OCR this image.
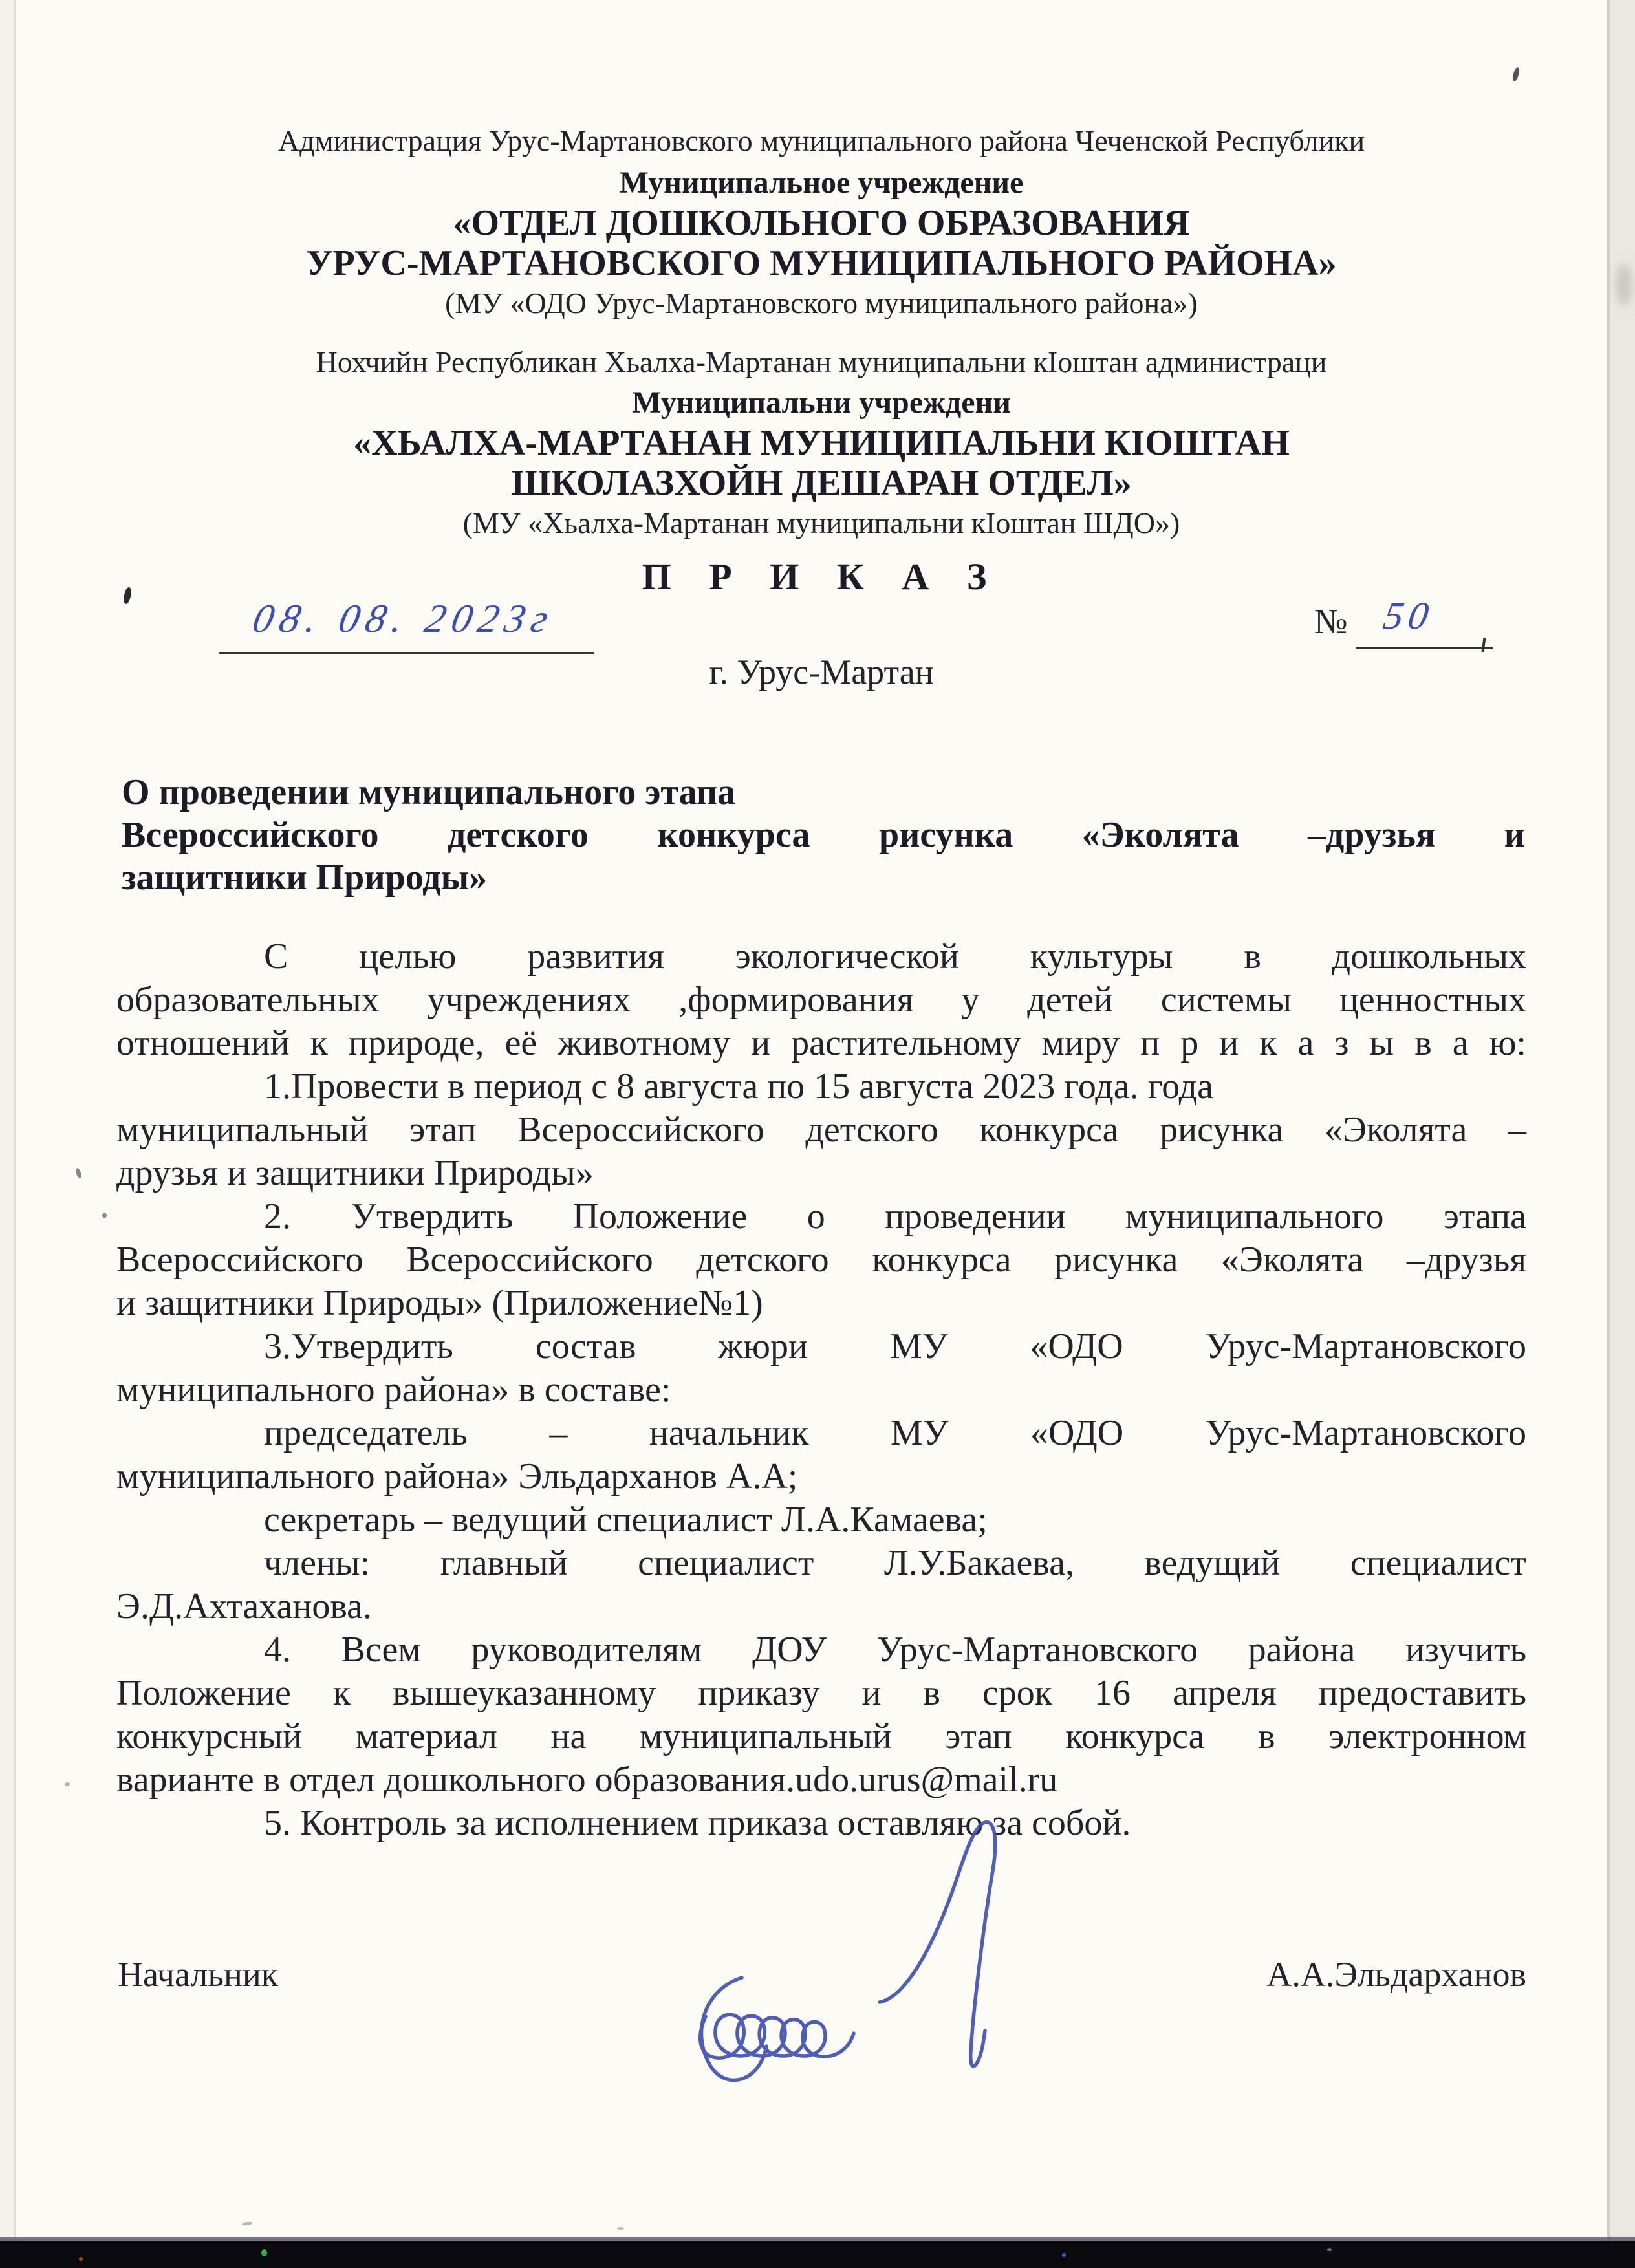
Администрация Урус-Мартановского муниципального района Чеченской Республики
Муниципальное учреждение
«ОТДЕЛ ДОШКОЛЬНОГО ОБРАЗОВАНИЯ
УРУС-МАРТАНОВСКОГО МУНИЦИПАЛЬНОГО РАЙОНА»
(МУ «ОДО Урус-Мартановского муниципального района»)
Нохчийн Республикан Хьалха-Мартанан муниципальни кIоштан администраци
Муниципальни учреждени
«ХЬАЛХА-МАРТАНАН МУНИЦИПАЛЬНИ КIОШТАН
ШКОЛАЗХОЙН ДЕШАРАН ОТДЕЛ»
(МУ «Хьалха-Мартанан муниципальни кIоштан ШДО»)
П Р И К А З
08. 08. 2023г	№ 50
г. Урус-Мартан
О проведении муниципального этапа
Всероссийского детского конкурса рисунка «Эколята –друзья и
защитники Природы»
С целью развития экологической культуры в дошкольных
образовательных учреждениях ,формирования у детей системы ценностных
отношений к природе, её животному и растительному миру п р и к а з ы в а ю:
1.Провести в период с 8 августа по 15 августа 2023 года. года
муниципальный этап Всероссийского детского конкурса рисунка «Эколята –
друзья и защитники Природы»
2. Утвердить Положение о проведении муниципального этапа
Всероссийского Всероссийского детского конкурса рисунка «Эколята –друзья
и защитники Природы» (Приложение№1)
3.Утвердить состав жюри МУ «ОДО Урус-Мартановского
муниципального района» в составе:
председатель – начальник МУ «ОДО Урус-Мартановского
муниципального района» Эльдарханов А.А;
секретарь – ведущий специалист Л.А.Камаева;
члены: главный специалист Л.У.Бакаева, ведущий специалист
Э.Д.Ахтаханова.
4. Всем руководителям ДОУ Урус-Мартановского района изучить
Положение к вышеуказанному приказу и в срок 16 апреля предоставить
конкурсный материал на муниципальный этап конкурса в электронном
варианте в отдел дошкольного образования.udo.urus@mail.ru
5. Контроль за исполнением приказа оставляю за собой.
Начальник	А.А.Эльдарханов
